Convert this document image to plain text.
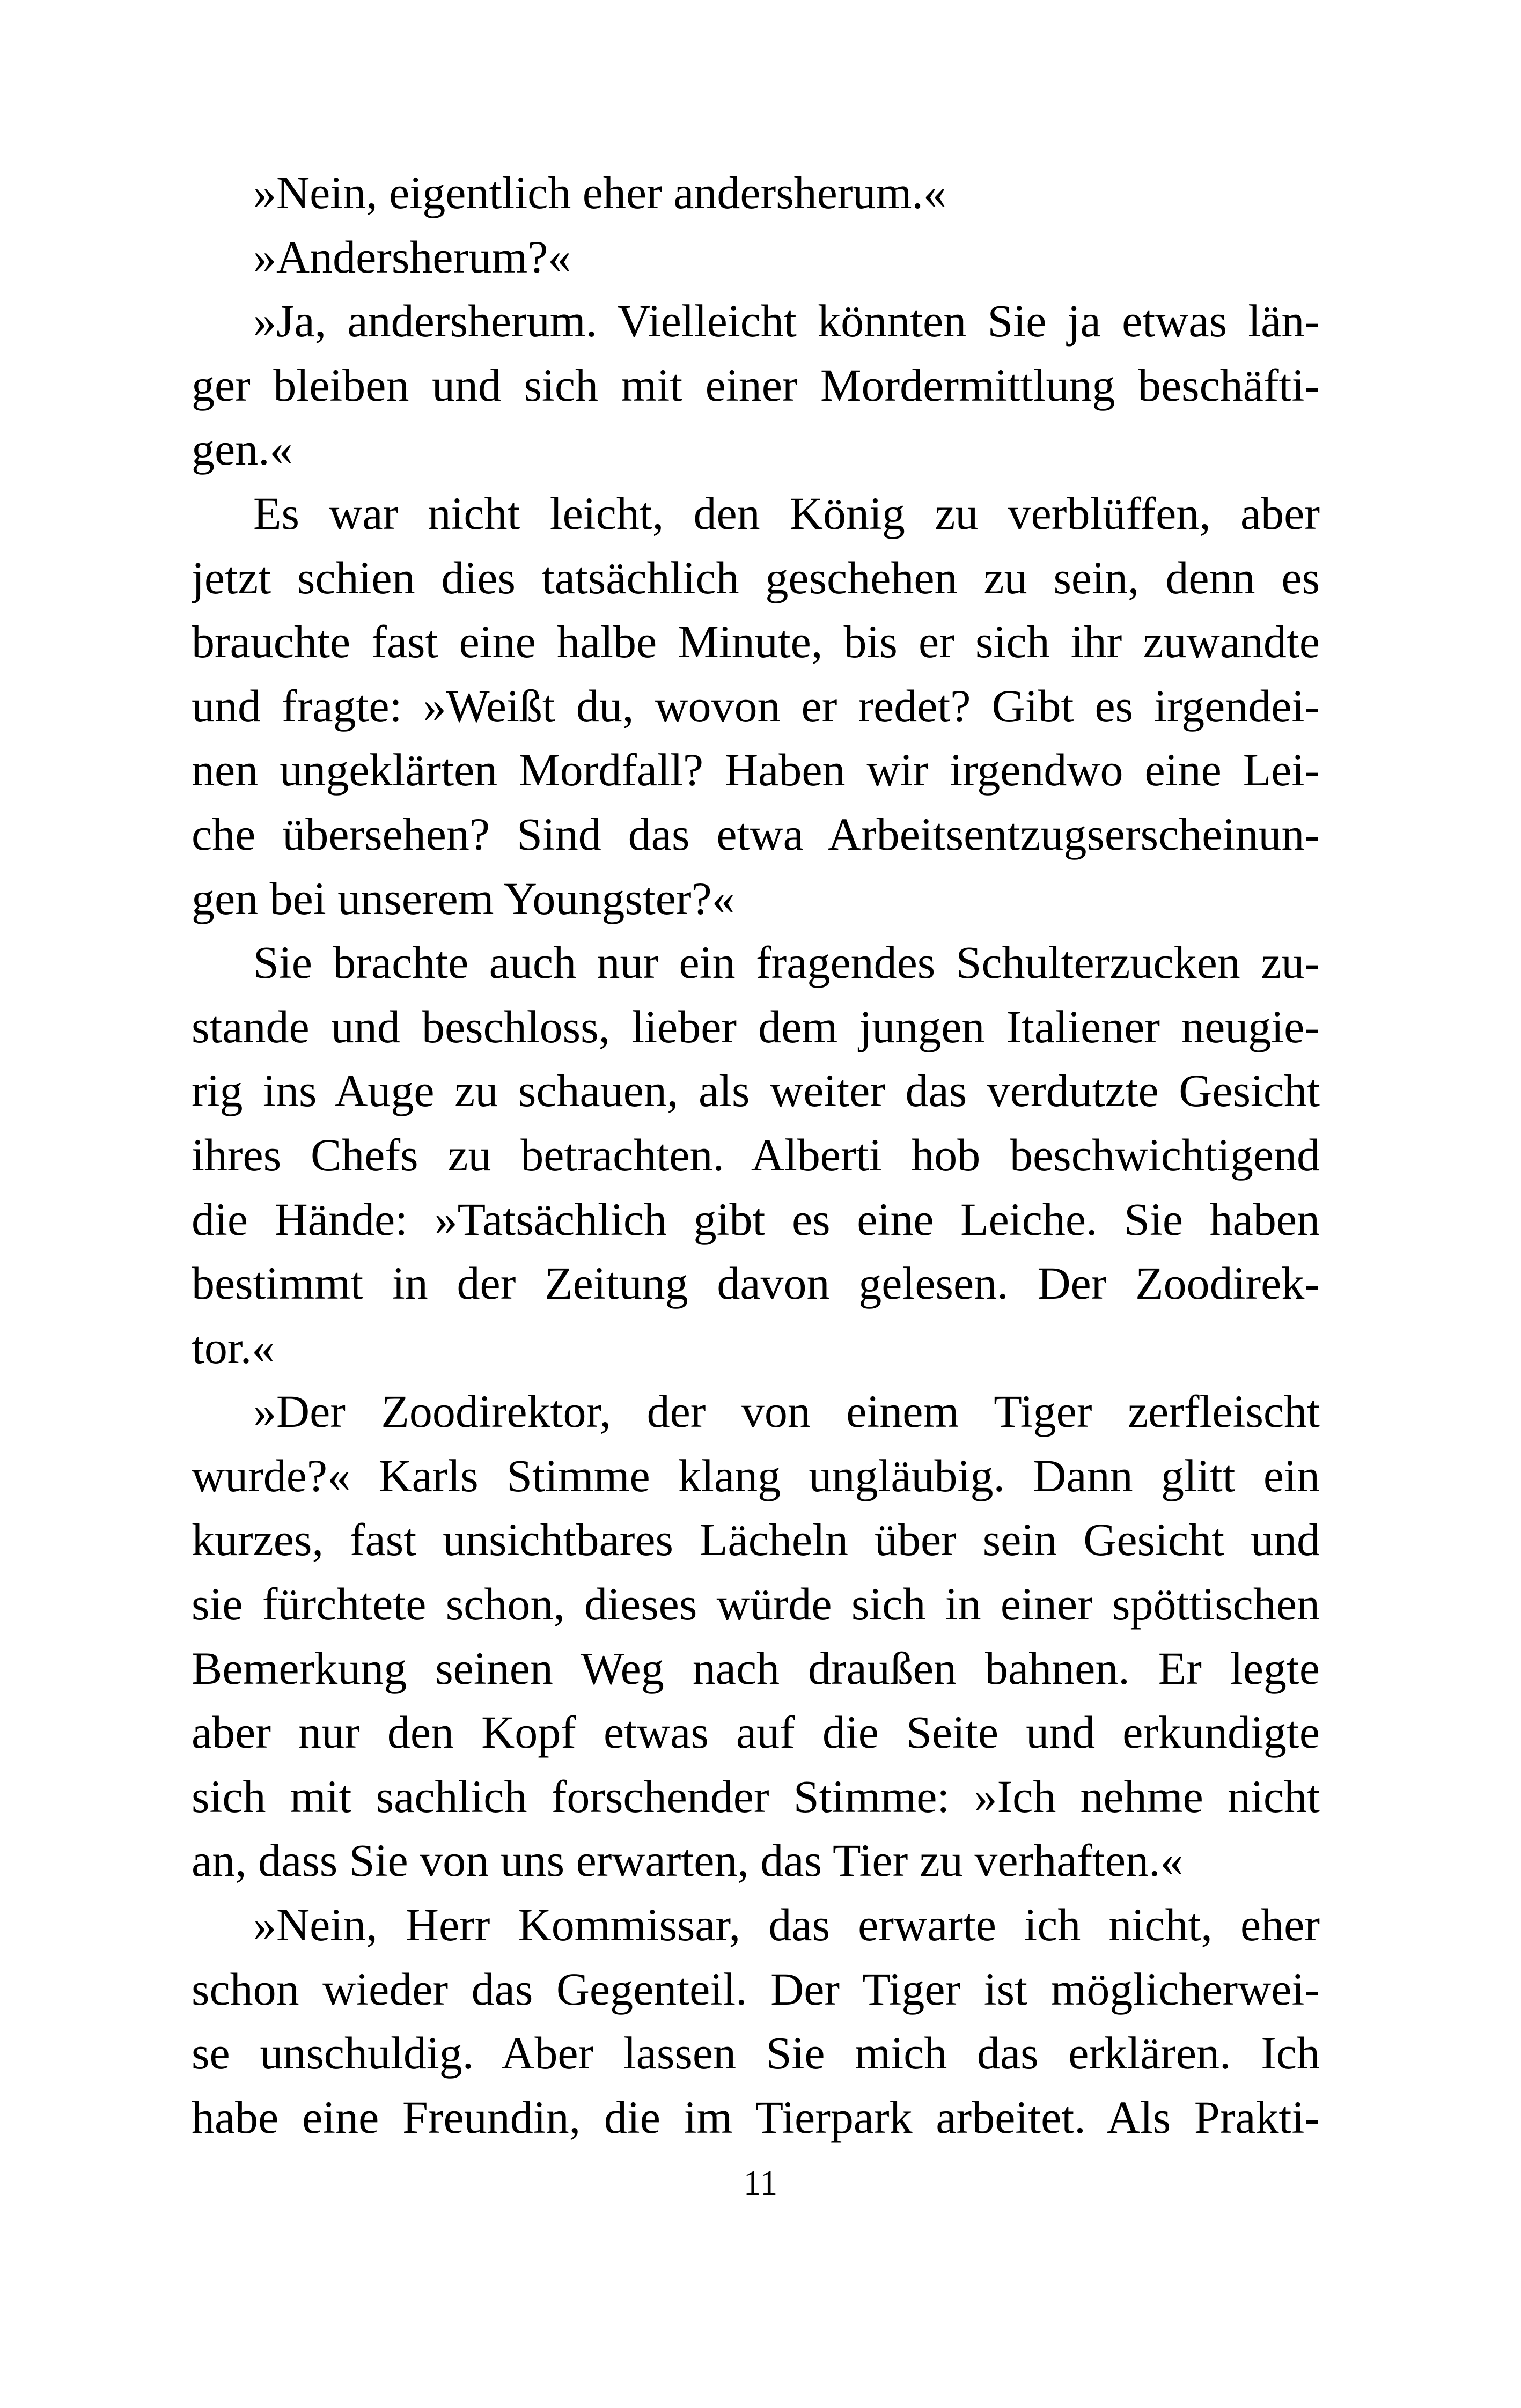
»Nein, eigentlich eher andersherum.«
»Andersherum?«
»Ja, andersherum. Vielleicht könnten Sie ja etwas län-
ger bleiben und sich mit einer Mordermittlung beschäfti-
gen.«
Es war nicht leicht, den König zu verblüffen, aber
jetzt schien dies tatsächlich geschehen zu sein, denn es
brauchte fast eine halbe Minute, bis er sich ihr zuwandte
und fragte: »Weißt du, wovon er redet? Gibt es irgendei-
nen ungeklärten Mordfall? Haben wir irgendwo eine Lei-
che übersehen? Sind das etwa Arbeitsentzugserscheinun-
gen bei unserem Youngster?«
Sie brachte auch nur ein fragendes Schulterzucken zu-
stande und beschloss, lieber dem jungen Italiener neugie-
rig ins Auge zu schauen, als weiter das verdutzte Gesicht
ihres Chefs zu betrachten. Alberti hob beschwichtigend
die Hände: »Tatsächlich gibt es eine Leiche. Sie haben
bestimmt in der Zeitung davon gelesen. Der Zoodirek-
tor.«
»Der Zoodirektor, der von einem Tiger zerfleischt
wurde?« Karls Stimme klang ungläubig. Dann glitt ein
kurzes, fast unsichtbares Lächeln über sein Gesicht und
sie fürchtete schon, dieses würde sich in einer spöttischen
Bemerkung seinen Weg nach draußen bahnen. Er legte
aber nur den Kopf etwas auf die Seite und erkundigte
sich mit sachlich forschender Stimme: »Ich nehme nicht
an, dass Sie von uns erwarten, das Tier zu verhaften.«
»Nein, Herr Kommissar, das erwarte ich nicht, eher
schon wieder das Gegenteil. Der Tiger ist möglicherwei-
se unschuldig. Aber lassen Sie mich das erklären. Ich
habe eine Freundin, die im Tierpark arbeitet. Als Prakti-
11
